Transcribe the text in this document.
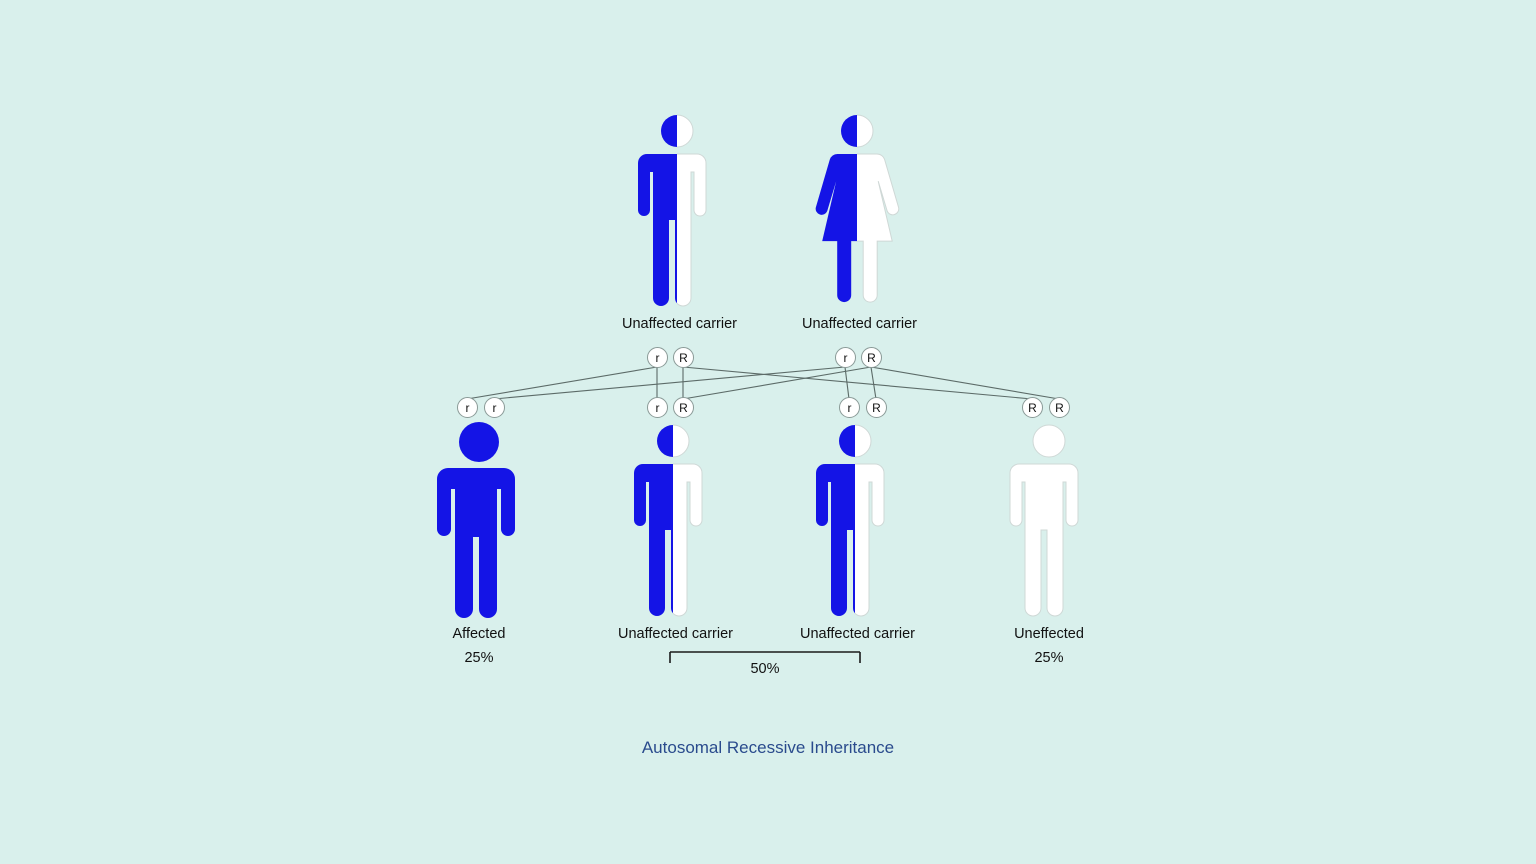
Unaffected carrier	Unaffected carrier
r	R	r	R
r	r	r	R	r	R	R	R
Affected
25%
Unaffected carrier	Unaffected carrier	Uneffected
25%
50%
Autosomal Recessive Inheritance
